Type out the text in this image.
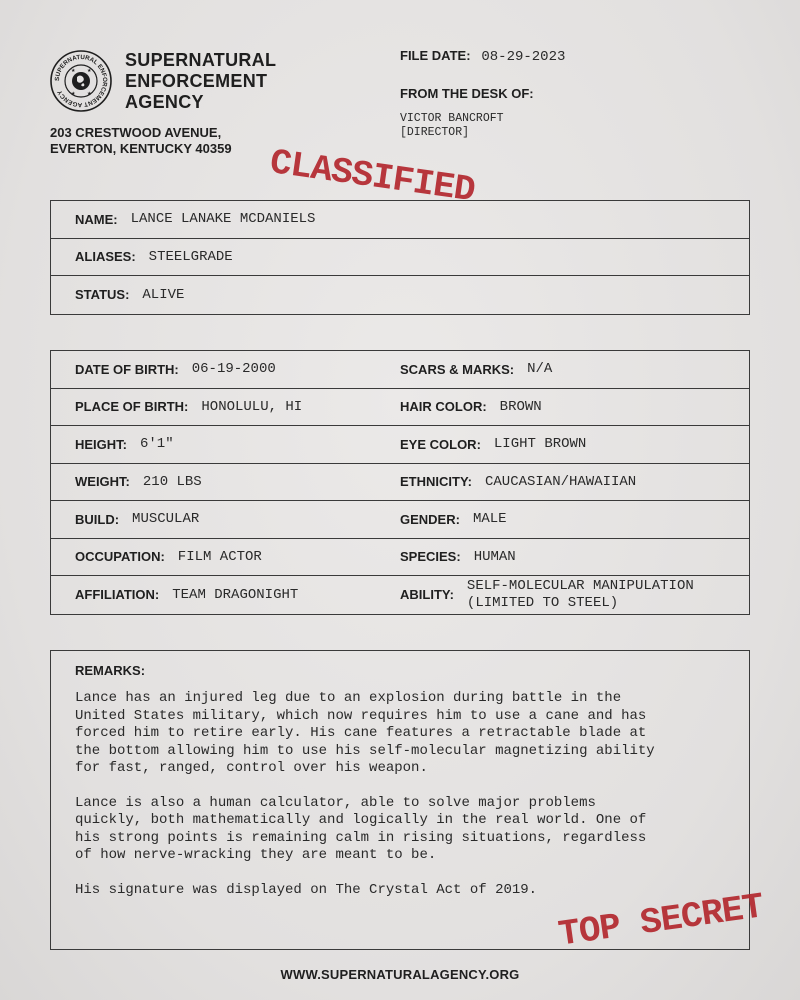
SUPERNATURAL ENFORCEMENT AGENCY
★ ★
★ ★
SUPERNATURAL
ENFORCEMENT
AGENCY
203 CRESTWOOD AVENUE,
EVERTON, KENTUCKY 40359
FILE DATE: 08-29-2023
FROM THE DESK OF:
VICTOR BANCROFT
[DIRECTOR]
CLASSIFIED
NAME: LANCE LANAKE MCDANIELS
ALIASES: STEELGRADE
STATUS: ALIVE
DATE OF BIRTH: 06-19-2000	SCARS & MARKS: N/A
PLACE OF BIRTH: HONOLULU, HI	HAIR COLOR: BROWN
HEIGHT: 6'1"	EYE COLOR: LIGHT BROWN
WEIGHT: 210 LBS	ETHNICITY: CAUCASIAN/HAWAIIAN
BUILD: MUSCULAR	GENDER: MALE
OCCUPATION: FILM ACTOR	SPECIES: HUMAN
AFFILIATION: TEAM DRAGONIGHT	ABILITY:
SELF-MOLECULAR MANIPULATION
(LIMITED TO STEEL)
REMARKS:

Lance has an injured leg due to an explosion during battle in the
United States military, which now requires him to use a cane and has
forced him to retire early. His cane features a retractable blade at
the bottom allowing him to use his self-molecular magnetizing ability
for fast, ranged, control over his weapon.

Lance is also a human calculator, able to solve major problems
quickly, both mathematically and logically in the real world. One of
his strong points is remaining calm in rising situations, regardless
of how nerve-wracking they are meant to be.

His signature was displayed on The Crystal Act of 2019. TOP SECRET
WWW.SUPERNATURALAGENCY.ORG
